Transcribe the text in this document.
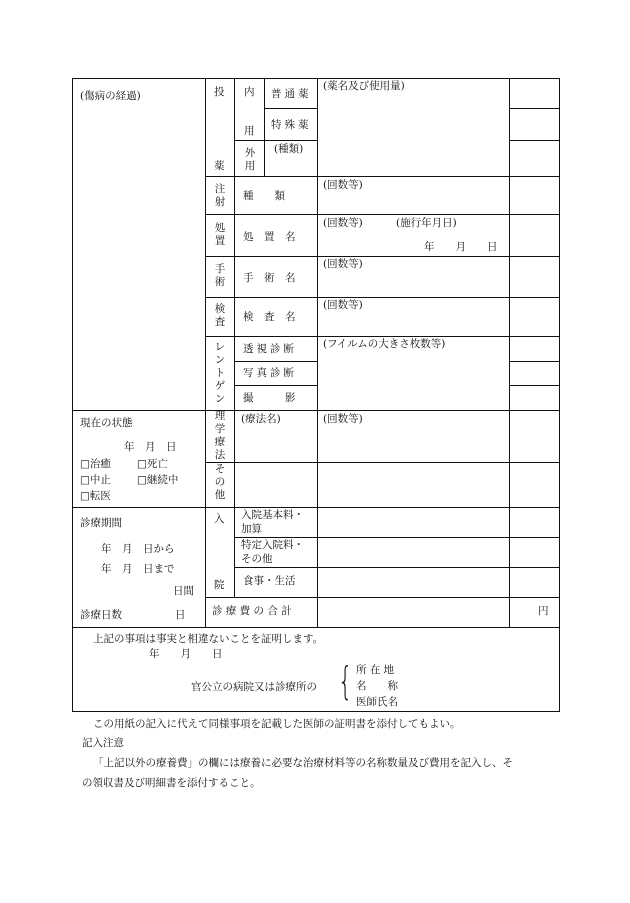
(傷病の経過)
現在の状態
年　月　日
□治癒 □死亡
□中止 □継続中
□転医
診療期間
年　月　日から
年　月　日まで
日間
診療日数	日
投
薬
注
射
処
置
手
術
検
査
レ
ン
ト
ゲ
ン
理
学
療
法
そ
の
他
入
院
内
用
外
用
普通薬
特殊薬
(種類)
種　　類
処　置　名
手　術　名
検　査　名
透視診断
写真診断
撮　　　影
(療法名)
入院基本料・
加算
特定入院料・
その他
食事・生活
診 療 費 の 合 計
(薬名及び使用量)
(回数等)
(回数等)	(施行年月日)
年　　月　　日
(回数等)
(回数等)
(フイルムの大きさ枚数等)
(回数等)
円
上記の事項は事実と相違ないことを証明します。
年　　月　　日
官公立の病院又は診療所の { 所 在 地
名　　称
医師氏名
この用紙の記入に代えて同様事項を記載した医師の証明書を添付してもよい。
記入注意
「上記以外の療養費」の欄には療養に必要な治療材料等の名称数量及び費用を記入し、そ
の領収書及び明細書を添付すること。
